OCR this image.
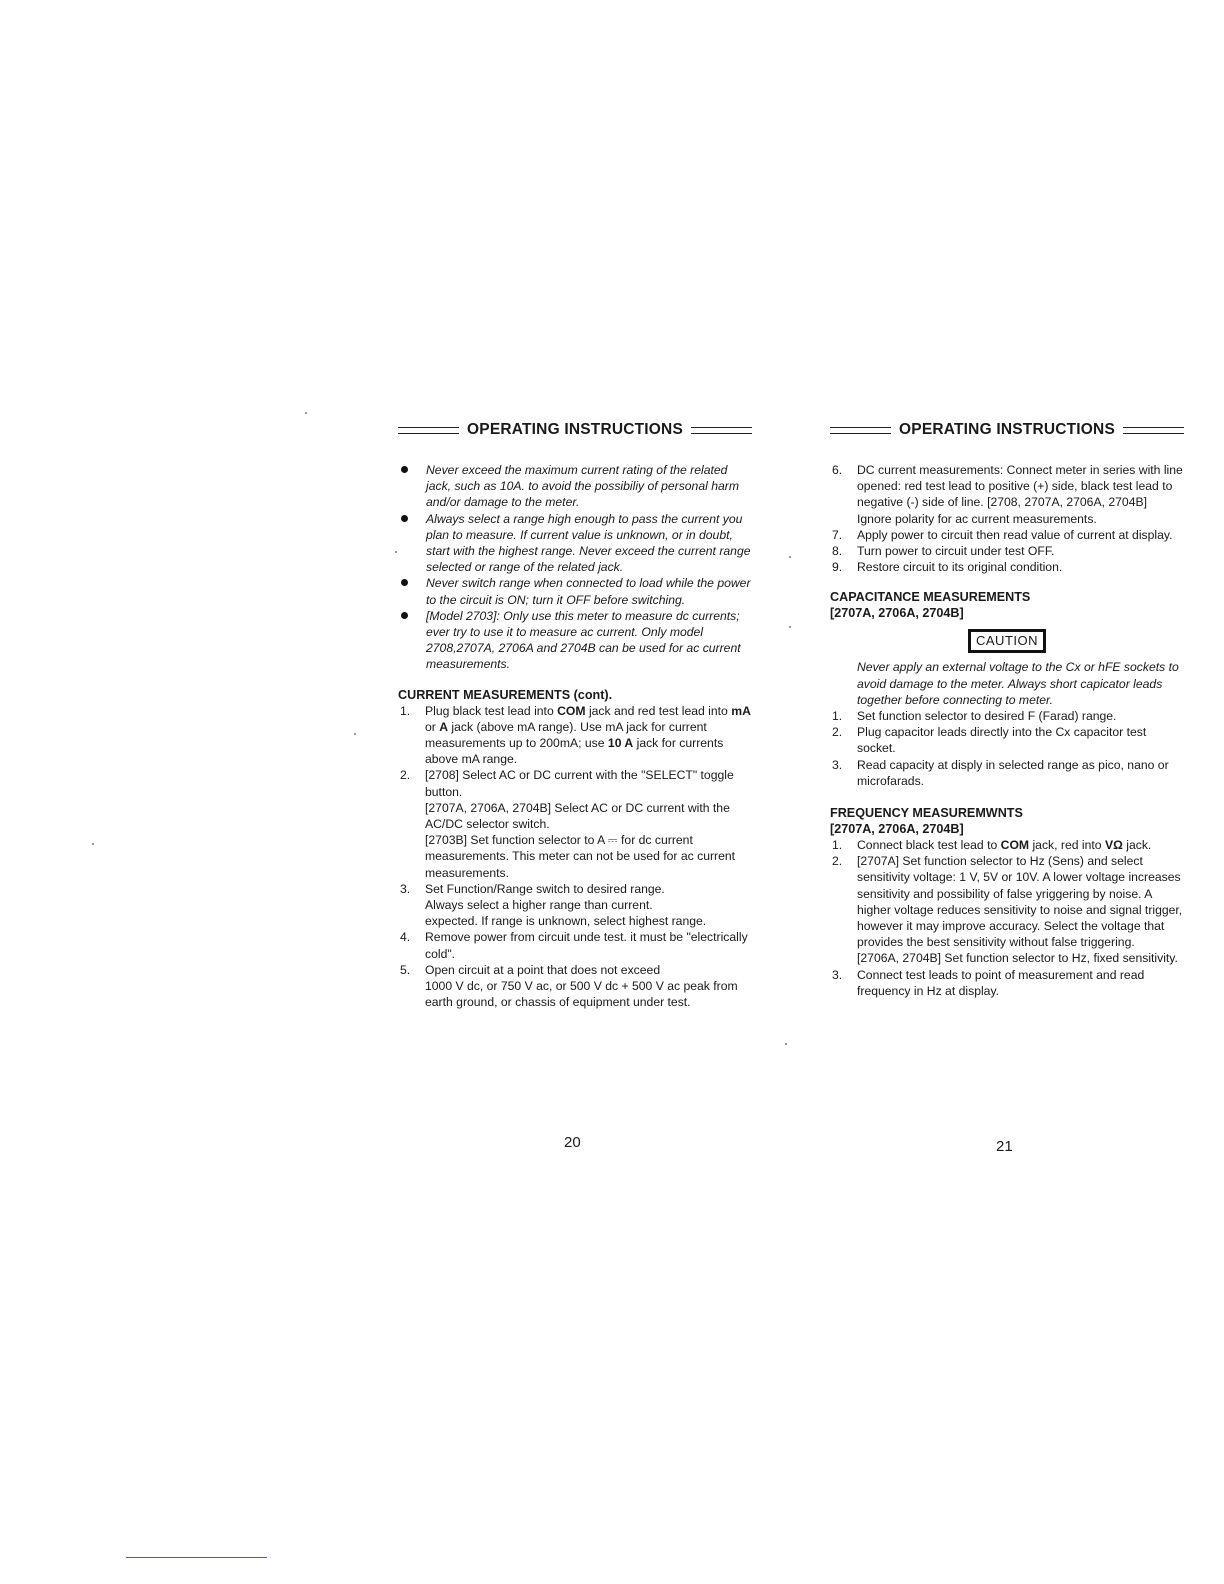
OPERATING INSTRUCTIONS
Never exceed the maximum current rating of the related jack, such as 10A. to avoid the possibiliy of personal harm and/or damage to the meter.
Always select a range high enough to pass the current you plan to measure. If current value is unknown, or in doubt, start with the highest range. Never exceed the current range selected or range of the related jack.
Never switch range when connected to load while the power to the circuit is ON; turn it OFF before switching.
[Model 2703]: Only use this meter to measure dc currents; ever try to use it to measure ac current. Only model 2708,2707A, 2706A and 2704B can be used for ac current measurements.
CURRENT MEASUREMENTS (cont).
1. Plug black test lead into COM jack and red test lead into mA or A jack (above mA range). Use mA jack for current measurements up to 200mA; use 10 A jack for currents above mA range.
2. [2708] Select AC or DC current with the "SELECT" toggle button.

[2707A, 2706A, 2704B] Select AC or DC current with the AC/DC selector switch.

[2703B] Set function selector to A ⎓ for dc current measurements. This meter can not be used for ac current measurements.

3. Set Function/Range switch to desired range.

Always select a higher range than current.

expected. If range is unknown, select highest range.

4. Remove power from circuit unde test. it must be "electrically cold".
5. Open circuit at a point that does not exceed

1000 V dc, or 750 V ac, or 500 V dc + 500 V ac peak from earth ground, or chassis of equipment under test.

OPERATING INSTRUCTIONS
6. DC current measurements: Connect meter in series with line opened: red test lead to positive (+) side, black test lead to negative (-) side of line. [2708, 2707A, 2706A, 2704B] Ignore polarity for ac current measurements.
7. Apply power to circuit then read value of current at display.
8. Turn power to circuit under test OFF.
9. Restore circuit to its original condition.
CAPACITANCE MEASUREMENTS
[2707A, 2706A, 2704B]
CAUTION
Never apply an external voltage to the Cx or hFE sockets to avoid damage to the meter. Always short capicator leads together before connecting to meter.
1. Set function selector to desired F (Farad) range.
2. Plug capacitor leads directly into the Cx capacitor test socket.
3. Read capacity at disply in selected range as pico, nano or microfarads.
FREQUENCY MEASUREMWNTS
[2707A, 2706A, 2704B]
1. Connect black test lead to COM jack, red into VΩ jack.
2. [2707A] Set function selector to Hz (Sens) and select sensitivity voltage: 1 V, 5V or 10V. A lower voltage increases sensitivity and possibility of false yriggering by noise. A higher voltage reduces sensitivity to noise and signal trigger, however it may improve accuracy. Select the voltage that provides the best sensitivity without false triggering.

[2706A, 2704B] Set function selector to Hz, fixed sensitivity.

3. Connect test leads to point of measurement and read frequency in Hz at display.
20	21
